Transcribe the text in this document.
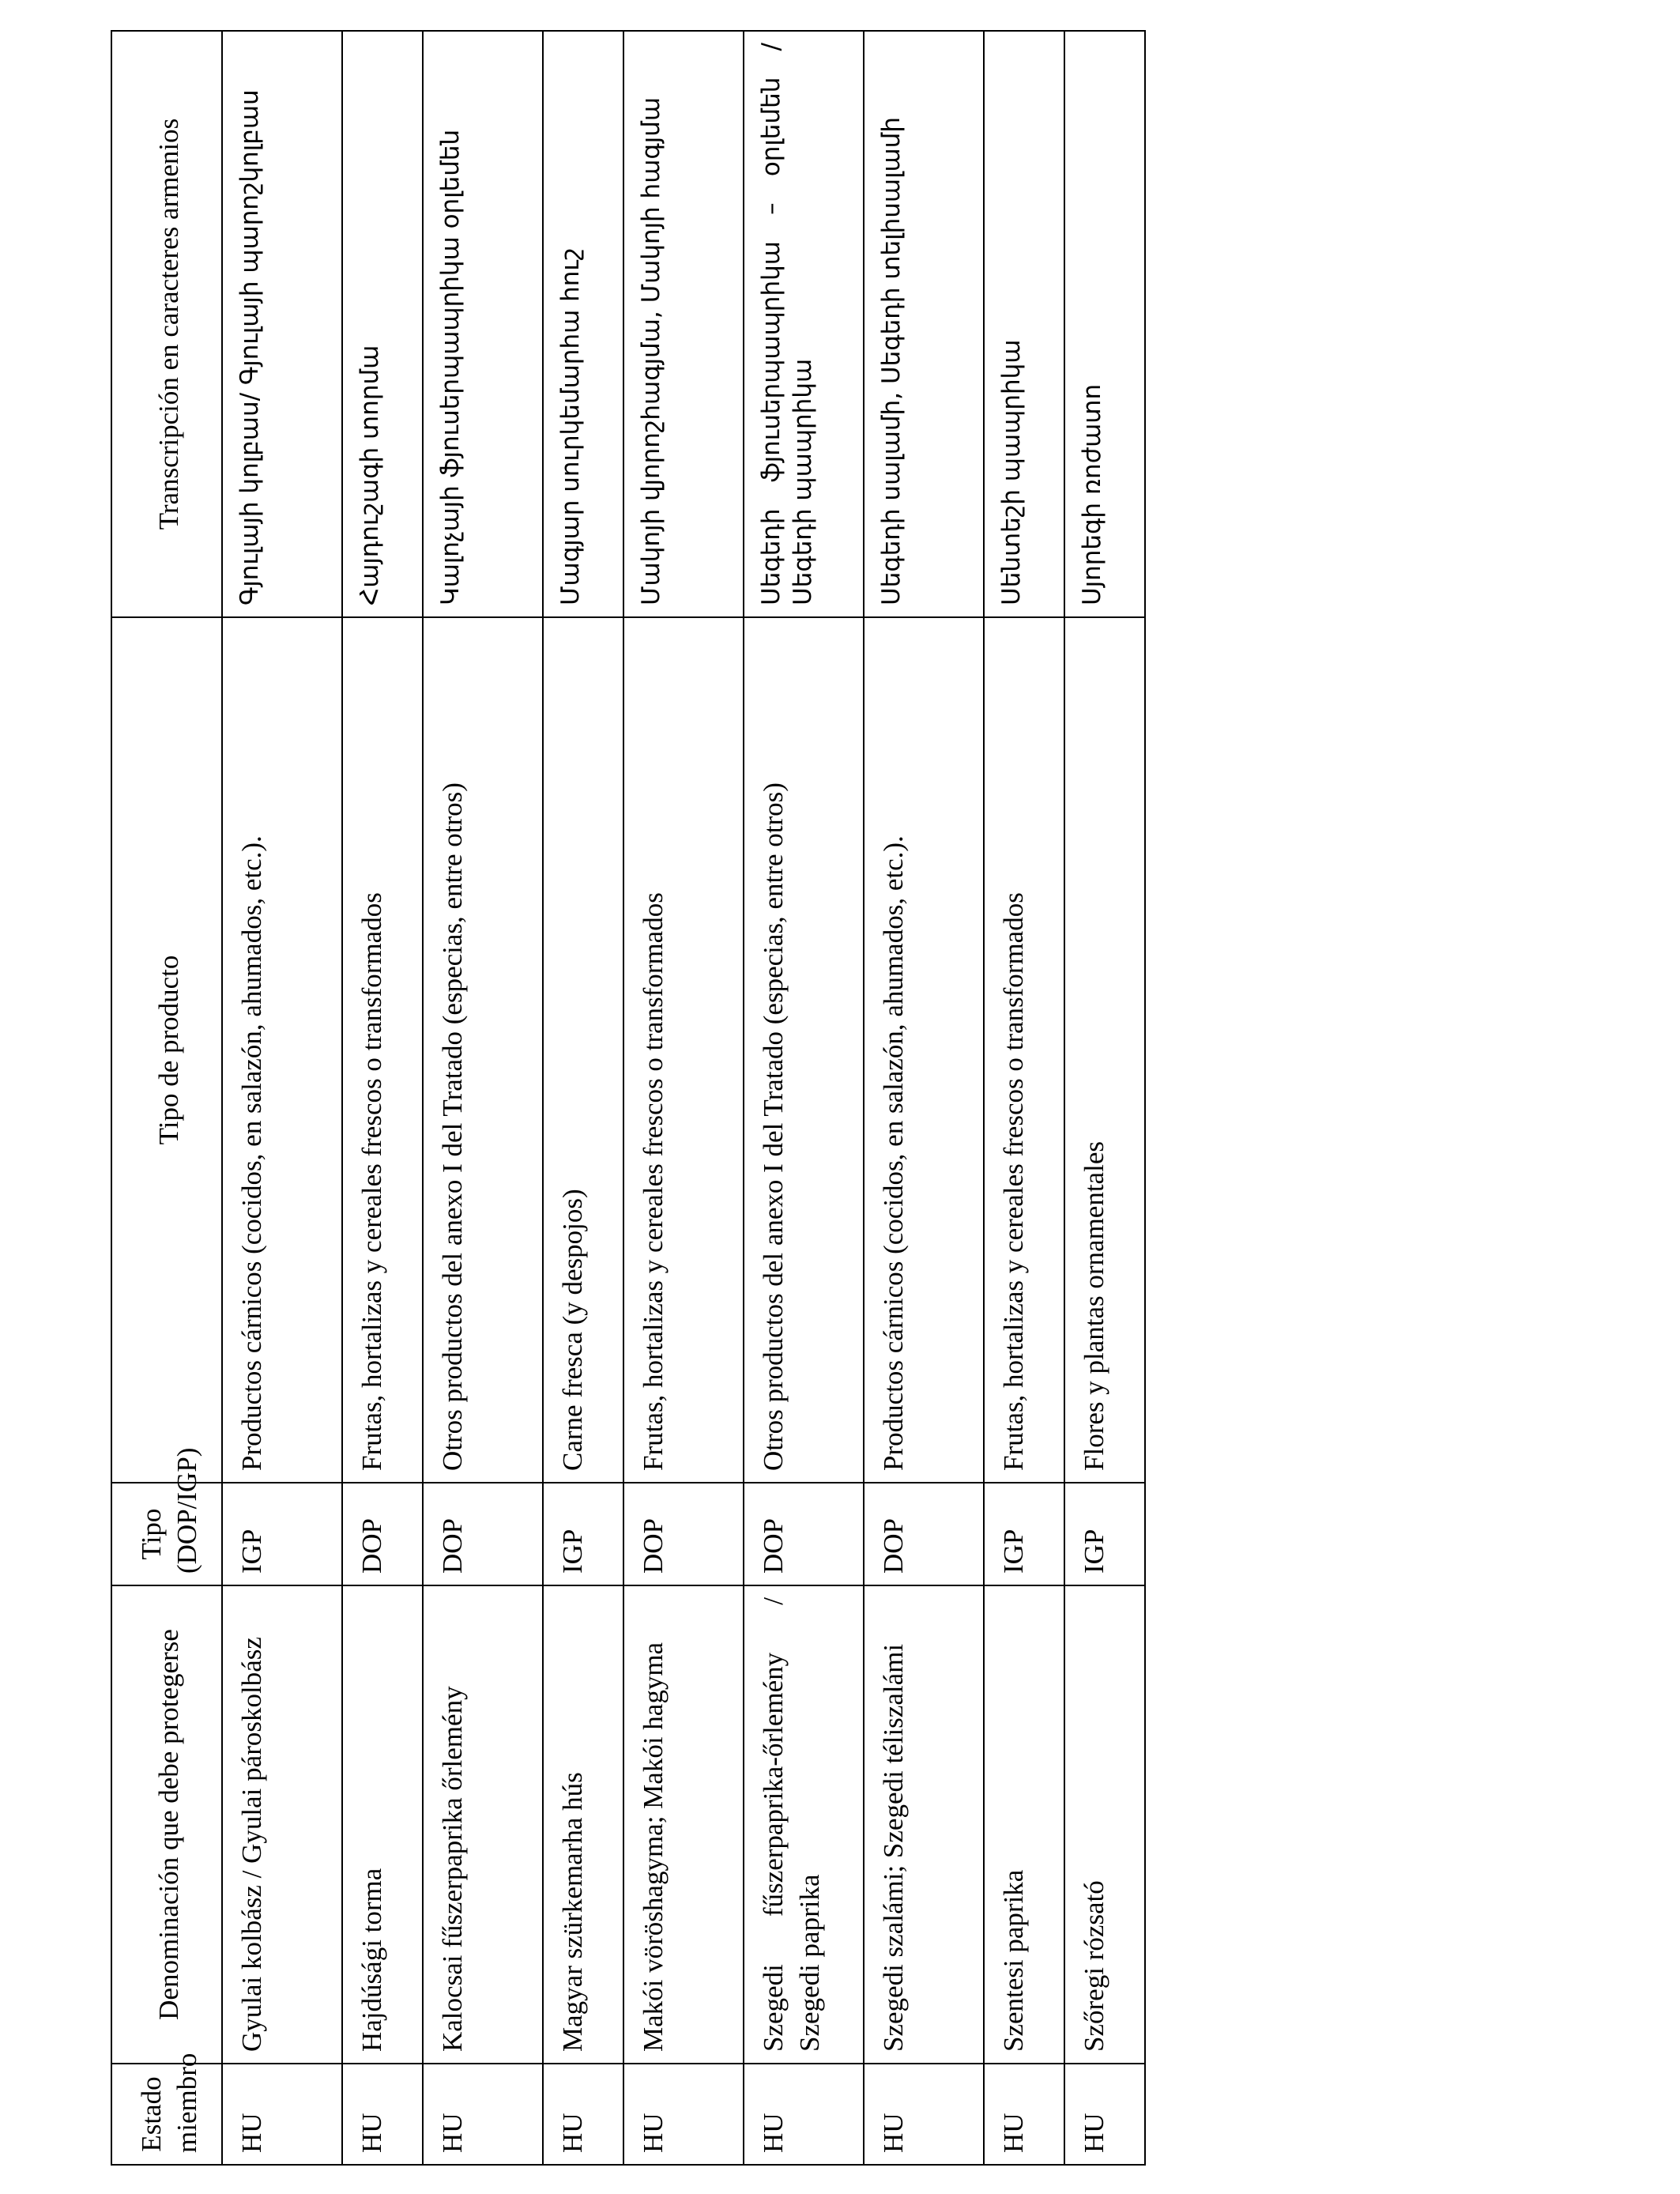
Estado miembro	Denominación que debe protegerse	Tipo (DOP/IGP)	Tipo de producto	Transcripción en caracteres armenios
HU	Gyulai kolbász / Gyulai pároskolbász	IGP	Productos cárnicos (cocidos, en salazón, ahumados, etc.).	Գյուլայի կոլբաս/ Գյուլայի պարոշկոլբաս
HU	Hajdúsági torma	DOP	Frutas, hortalizas y cereales frescos o transformados	Հայդուշագի տորմա
HU	Kalocsai fűszerpaprika őrlemény	DOP	Otros productos del anexo I del Tratado (especias, entre otros)	Կալոչայի ֆյուսերպապրիկա օրլեմեն
HU	Magyar szürkemarha hús	IGP	Carne fresca (y despojos)	Մագյար սուրկեմարհա հուշ
HU	Makói vöröshagyma; Makói hagyma	DOP	Frutas, hortalizas y cereales frescos o transformados	Մակոյի վյորոշհագյմա, Մակոյի հագյմա
HU	Szegedi fűszerpaprika-őrlemény / Szegedi paprika	DOP	Otros productos del anexo I del Tratado (especias, entre otros)	Սեգեդի ֆյուսերպապրիկա – օրլեմեն / Սեգեդի պապրիկա
HU	Szegedi szalámi; Szegedi téliszalámi	DOP	Productos cárnicos (cocidos, en salazón, ahumados, etc.).	Սեգեդի սալամի, Սեգեդի տելիսալամի
HU	Szentesi paprika	IGP	Frutas, hortalizas y cereales frescos o transformados	Սենտեշի պապրիկա
HU	Szőregi rózsató	IGP	Flores y plantas ornamentales	Սյորեգի ռոժատո
